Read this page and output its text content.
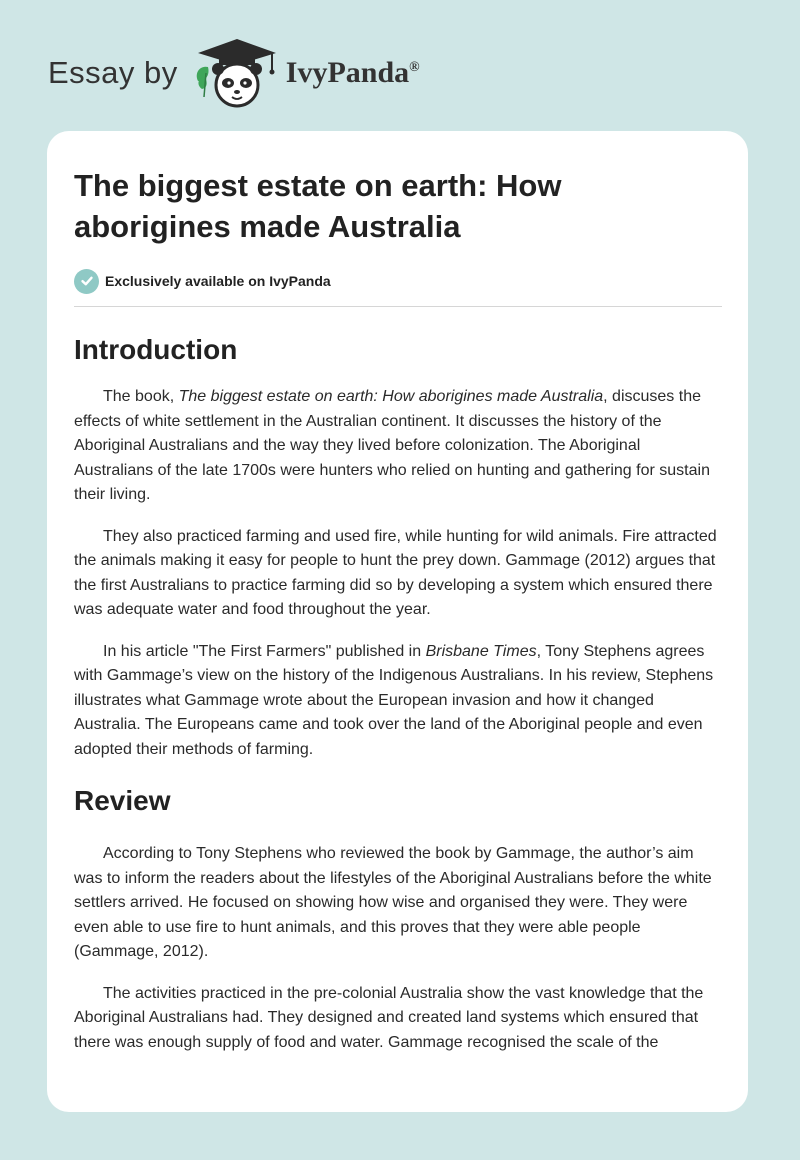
Essay by	IvyPanda®
The biggest estate on earth: How aborigines made Australia
Exclusively available on IvyPanda
Introduction

The book, The biggest estate on earth: How aborigines made Australia, discuses the effects of white settlement in the Australian continent. It discusses the history of the Aboriginal Australians and the way they lived before colonization. The Aboriginal Australians of the late 1700s were hunters who relied on hunting and gathering for sustain their living.

They also practiced farming and used fire, while hunting for wild animals. Fire attracted the animals making it easy for people to hunt the prey down. Gammage (2012) argues that the first Australians to practice farming did so by developing a system which ensured there was adequate water and food throughout the year.

In his article "The First Farmers" published in Brisbane Times, Tony Stephens agrees with Gammage’s view on the history of the Indigenous Australians. In his review, Stephens illustrates what Gammage wrote about the European invasion and how it changed Australia. The Europeans came and took over the land of the Aboriginal people and even adopted their methods of farming.

Review

According to Tony Stephens who reviewed the book by Gammage, the author’s aim was to inform the readers about the lifestyles of the Aboriginal Australians before the white settlers arrived. He focused on showing how wise and organised they were. They were even able to use fire to hunt animals, and this proves that they were able people (Gammage, 2012).

The activities practiced in the pre-colonial Australia show the vast knowledge that the Aboriginal Australians had. They designed and created land systems which ensured that there was enough supply of food and water. Gammage recognised the scale of the
